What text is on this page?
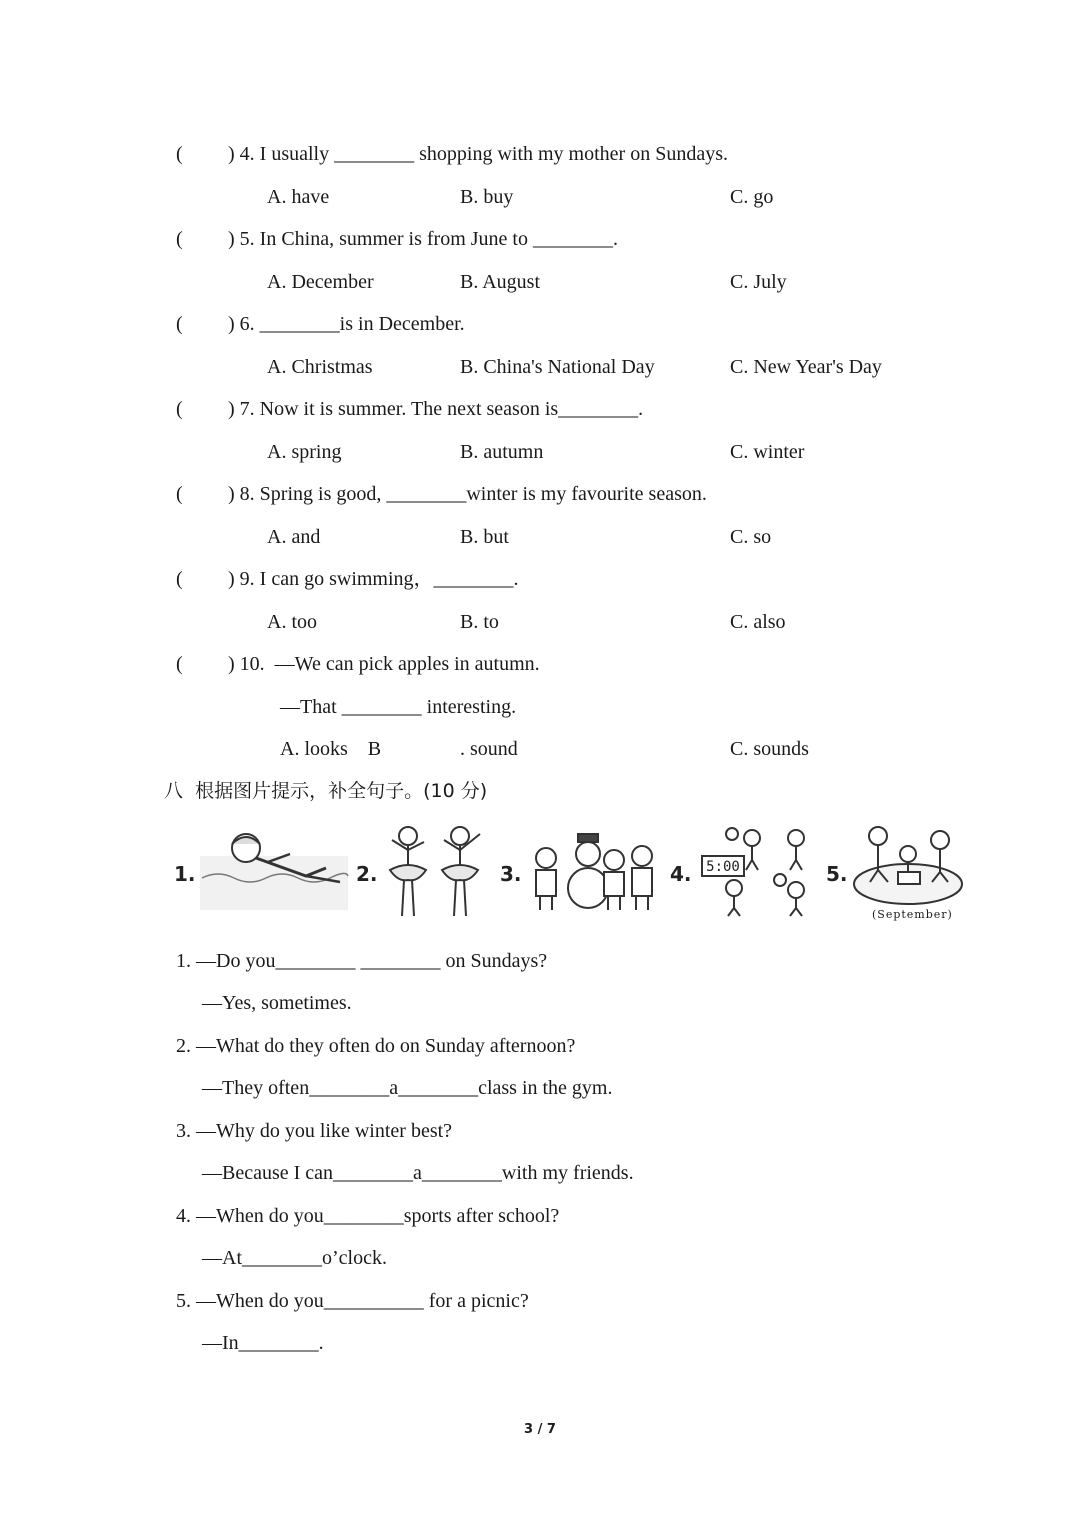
( ) 4. I usually ________ shopping with my mother on Sundays.
A. have	B. buy	C. go
( ) 5. In China, summer is from June to ________.
A. December	B. August	C. July
( ) 6. ________is in December.
A. Christmas	B. China's National Day	C. New Year's Day
( ) 7. Now it is summer. The next season is________.
A. spring	B. autumn	C. winter
( ) 8. Spring is good, ________winter is my favourite season.
A. and	B. but	C. so
( ) 9. I can go swimming，________.
A. too	B. to	C. also
( ) 10.  —We can pick apples in autumn.
—That ________ interesting.
A. looks    B	. sound	C. sounds
八  根据图片提示，补全句子。(10 分)
1.	2.	3.	4. 5:00	5.
(September)
1. —Do you________ ________ on Sundays?
—Yes, sometimes.
2. —What do they often do on Sunday afternoon?
—They often________a________class in the gym.
3. —Why do you like winter best?
—Because I can________a________with my friends.
4. —When do you________sports after school?
—At________o’clock.
5. —When do you__________ for a picnic?
—In________.
3 / 7
